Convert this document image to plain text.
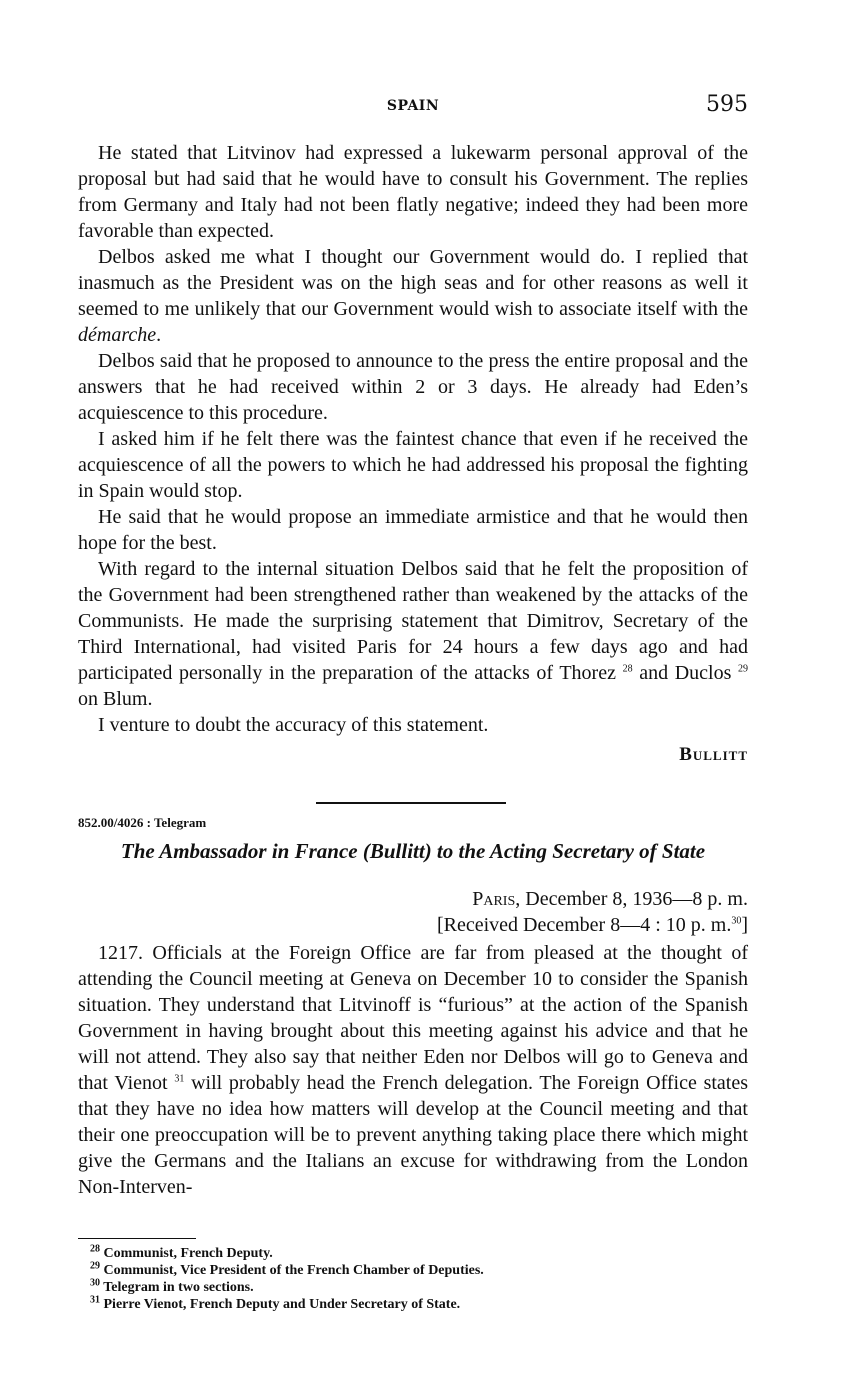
SPAIN	595

He stated that Litvinov had expressed a lukewarm personal approval of the proposal but had said that he would have to consult his Government. The replies from Germany and Italy had not been flatly negative; indeed they had been more favorable than expected.

Delbos asked me what I thought our Government would do. I replied that inasmuch as the President was on the high seas and for other reasons as well it seemed to me unlikely that our Government would wish to associate itself with the démarche.

Delbos said that he proposed to announce to the press the entire proposal and the answers that he had received within 2 or 3 days. He already had Eden’s acquiescence to this procedure.

I asked him if he felt there was the faintest chance that even if he received the acquiescence of all the powers to which he had addressed his proposal the fighting in Spain would stop.

He said that he would propose an immediate armistice and that he would then hope for the best.

With regard to the internal situation Delbos said that he felt the proposition of the Government had been strengthened rather than weakened by the attacks of the Communists. He made the surprising statement that Dimitrov, Secretary of the Third International, had visited Paris for 24 hours a few days ago and had participated personally in the preparation of the attacks of Thorez $^{28}$ and Duclos $^{29}$ on Blum.

I venture to doubt the accuracy of this statement.

Bullitt
852.00/4026 : Telegram
The Ambassador in France (Bullitt) to the Acting Secretary of State
Paris, December 8, 1936—8 p. m.
[Received December 8—4 : 10 p. m.$^{30}$]

1217. Officials at the Foreign Office are far from pleased at the thought of attending the Council meeting at Geneva on December 10 to consider the Spanish situation. They understand that Litvinoff is “furious” at the action of the Spanish Government in having brought about this meeting against his advice and that he will not attend. They also say that neither Eden nor Delbos will go to Geneva and that Vienot $^{31}$ will probably head the French delegation. The Foreign Office states that they have no idea how matters will develop at the Council meeting and that their one preoccupation will be to prevent anything taking place there which might give the Germans and the Italians an excuse for withdrawing from the London Non-Interven-

$^{28}$ Communist, French Deputy.
$^{29}$ Communist, Vice President of the French Chamber of Deputies.
$^{30}$ Telegram in two sections.
$^{31}$ Pierre Vienot, French Deputy and Under Secretary of State.
